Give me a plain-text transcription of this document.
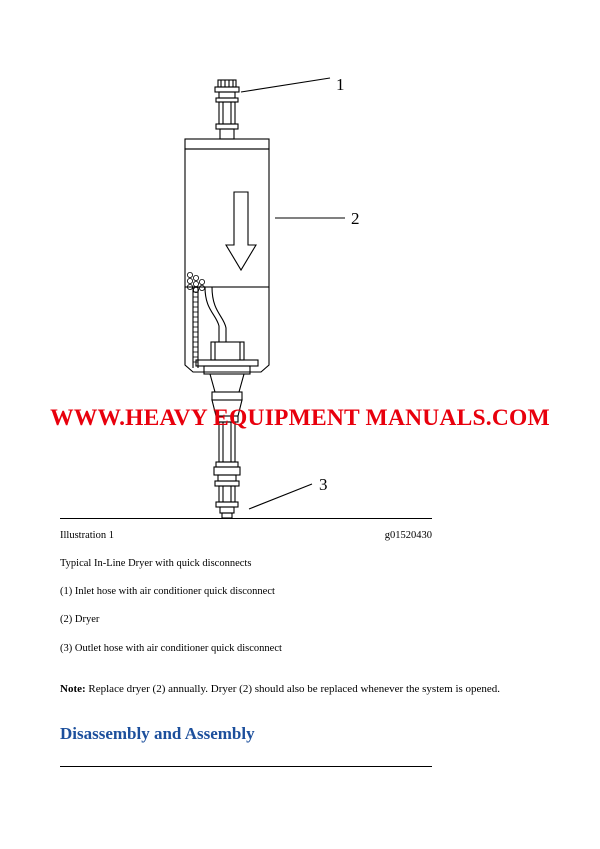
1
2
3
WWW.HEAVY EQUIPMENT MANUALS.COM
Illustration 1	g01520430
Typical In-Line Dryer with quick disconnects
(1) Inlet hose with air conditioner quick disconnect
(2) Dryer
(3) Outlet hose with air conditioner quick disconnect
Note: Replace dryer (2) annually. Dryer (2) should also be replaced whenever the system is opened.
Disassembly and Assembly
